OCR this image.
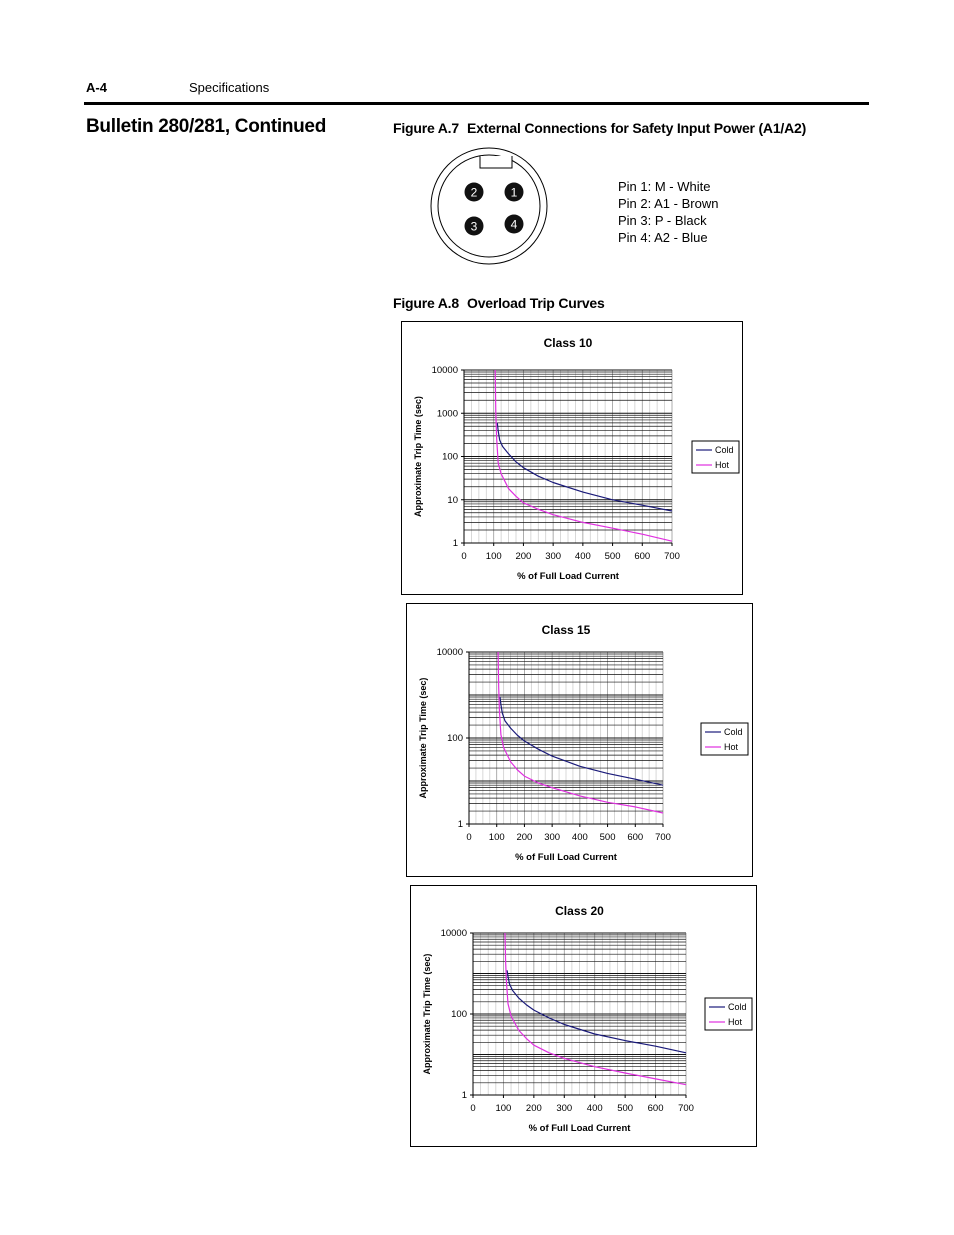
A-4	Specifications
Bulletin 280/281, Continued	Figure A.7 External Connections for Safety Input Power (A1/A2)
2	1
3	4
Pin 1: M - White
Pin 2: A1 - Brown
Pin 3: P - Black
Pin 4: A2 - Blue
Figure A.8 Overload Trip Curves
0 100 200 300 400 500 600 700
1
10
100
1000
10000
Class 10
% of Full Load Current
Approximate Trip Time (sec)	Cold
Hot
0 100 200 300 400 500 600 700
1
100
10000
Class 15
% of Full Load Current
Approximate Trip Time (sec)	Cold
Hot
0 100 200 300 400 500 600 700
1
100
10000
Class 20
% of Full Load Current
Approximate Trip Time (sec)	Cold
Hot
